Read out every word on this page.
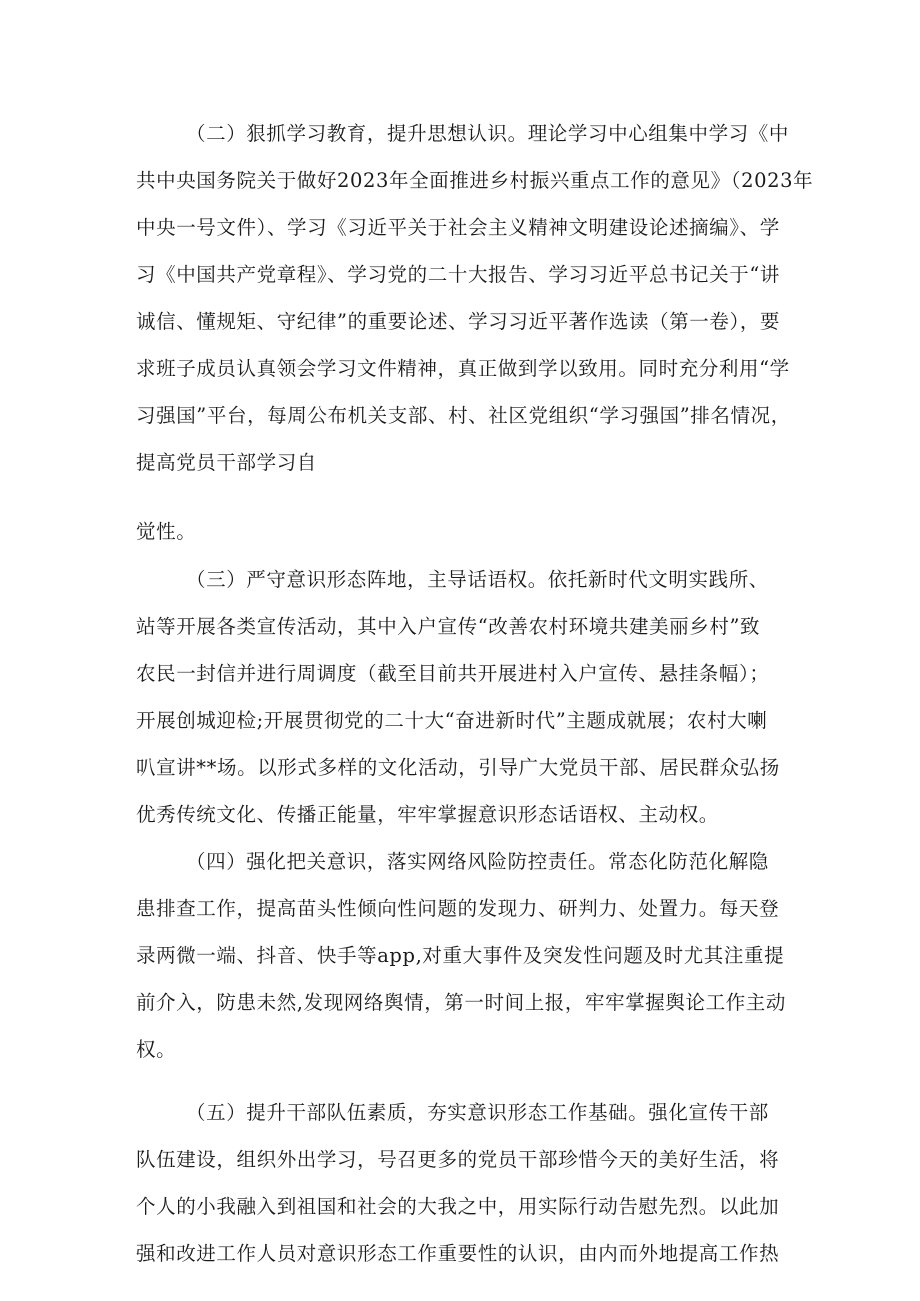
（二）狠抓学习教育，提升思想认识。理论学习中心组集中学习《中
共中央国务院关于做好2023年全面推进乡村振兴重点工作的意见》（2023年
中央一号文件）、学习《习近平关于社会主义精神文明建设论述摘编》、学
习《中国共产党章程》、学习党的二十大报告、学习习近平总书记关于“讲
诚信、懂规矩、守纪律”的重要论述、学习习近平著作选读（第一卷），要
求班子成员认真领会学习文件精神，真正做到学以致用。同时充分利用“学
习强国”平台，每周公布机关支部、村、社区党组织“学习强国”排名情况，
提高党员干部学习自
觉性。
（三）严守意识形态阵地，主导话语权。依托新时代文明实践所、
站等开展各类宣传活动，其中入户宣传“改善农村环境共建美丽乡村”致
农民一封信并进行周调度（截至目前共开展进村入户宣传、悬挂条幅）；
开展创城迎检;开展贯彻党的二十大“奋进新时代”主题成就展；农村大喇
叭宣讲**场。以形式多样的文化活动，引导广大党员干部、居民群众弘扬
优秀传统文化、传播正能量，牢牢掌握意识形态话语权、主动权。
（四）强化把关意识，落实网络风险防控责任。常态化防范化解隐
患排查工作，提高苗头性倾向性问题的发现力、研判力、处置力。每天登
录两微一端、抖音、快手等app,对重大事件及突发性问题及时尤其注重提
前介入，防患未然,发现网络舆情，第一时间上报，牢牢掌握舆论工作主动
权。
（五）提升干部队伍素质，夯实意识形态工作基础。强化宣传干部
队伍建设，组织外出学习，号召更多的党员干部珍惜今天的美好生活，将
个人的小我融入到祖国和社会的大我之中，用实际行动告慰先烈。以此加
强和改进工作人员对意识形态工作重要性的认识，由内而外地提高工作热
